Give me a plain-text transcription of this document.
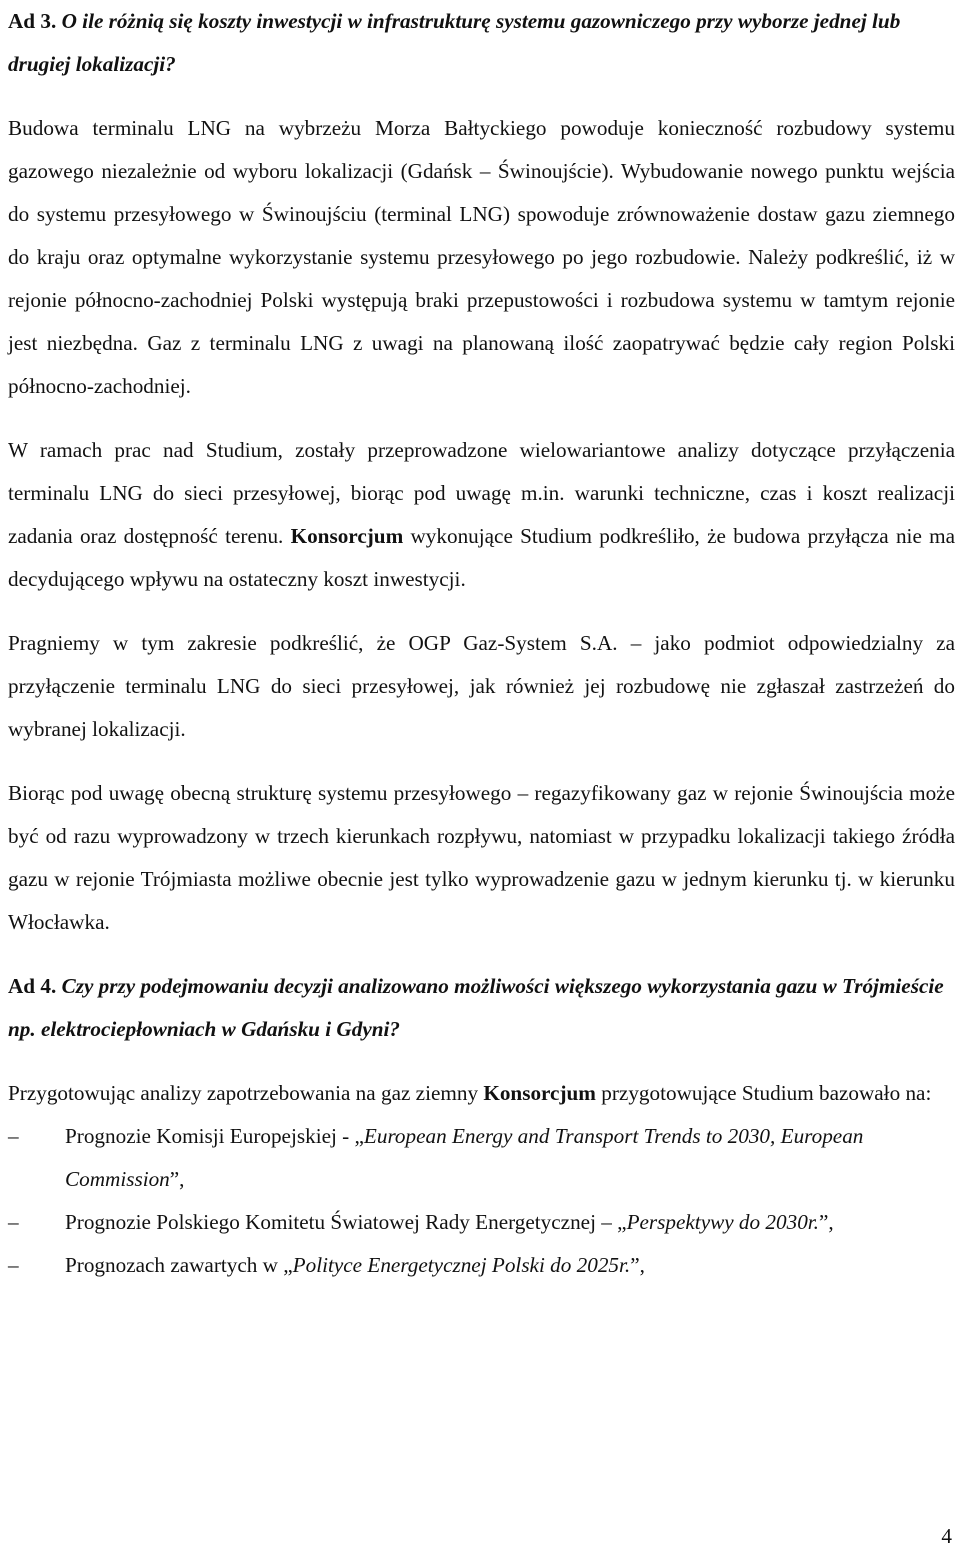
Ad 3. O ile różnią się koszty inwestycji w infrastrukturę systemu gazowniczego przy wyborze jednej lub drugiej lokalizacji?

Budowa terminalu LNG na wybrzeżu Morza Bałtyckiego powoduje konieczność rozbudowy systemu gazowego niezależnie od wyboru lokalizacji (Gdańsk – Świnoujście). Wybudowanie nowego punktu wejścia do systemu przesyłowego w Świnoujściu (terminal LNG) spowoduje zrównoważenie dostaw gazu ziemnego do kraju oraz optymalne wykorzystanie systemu przesyłowego po jego rozbudowie. Należy podkreślić, iż w rejonie północno-zachodniej Polski występują braki przepustowości i rozbudowa systemu w tamtym rejonie jest niezbędna. Gaz z terminalu LNG z uwagi na planowaną ilość zaopatrywać będzie cały region Polski północno-zachodniej.

W ramach prac nad Studium, zostały przeprowadzone wielowariantowe analizy dotyczące przyłączenia terminalu LNG do sieci przesyłowej, biorąc pod uwagę m.in. warunki techniczne, czas i koszt realizacji zadania oraz dostępność terenu. Konsorcjum wykonujące Studium podkreśliło, że budowa przyłącza nie ma decydującego wpływu na ostateczny koszt inwestycji.

Pragniemy w tym zakresie podkreślić, że OGP Gaz-System S.A. – jako podmiot odpowiedzialny za przyłączenie terminalu LNG do sieci przesyłowej, jak również jej rozbudowę nie zgłaszał zastrzeżeń do wybranej lokalizacji.

Biorąc pod uwagę obecną strukturę systemu przesyłowego – regazyfikowany gaz w rejonie Świnoujścia może być od razu wyprowadzony w trzech kierunkach rozpływu, natomiast w przypadku lokalizacji takiego źródła gazu w rejonie Trójmiasta możliwe obecnie jest tylko wyprowadzenie gazu w jednym kierunku tj. w kierunku Włocławka.

Ad 4. Czy przy podejmowaniu decyzji analizowano możliwości większego wykorzystania gazu w Trójmieście np. elektrociepłowniach w Gdańsku i Gdyni?

Przygotowując analizy zapotrzebowania na gaz ziemny Konsorcjum przygotowujące Studium bazowało na:

–	Prognozie Komisji Europejskiej - „European Energy and Transport Trends to 2030, European Commission”,
–	Prognozie Polskiego Komitetu Światowej Rady Energetycznej – „Perspektywy do 2030r.”,
–	Prognozach zawartych w „Polityce Energetycznej Polski do 2025r.”,
4
